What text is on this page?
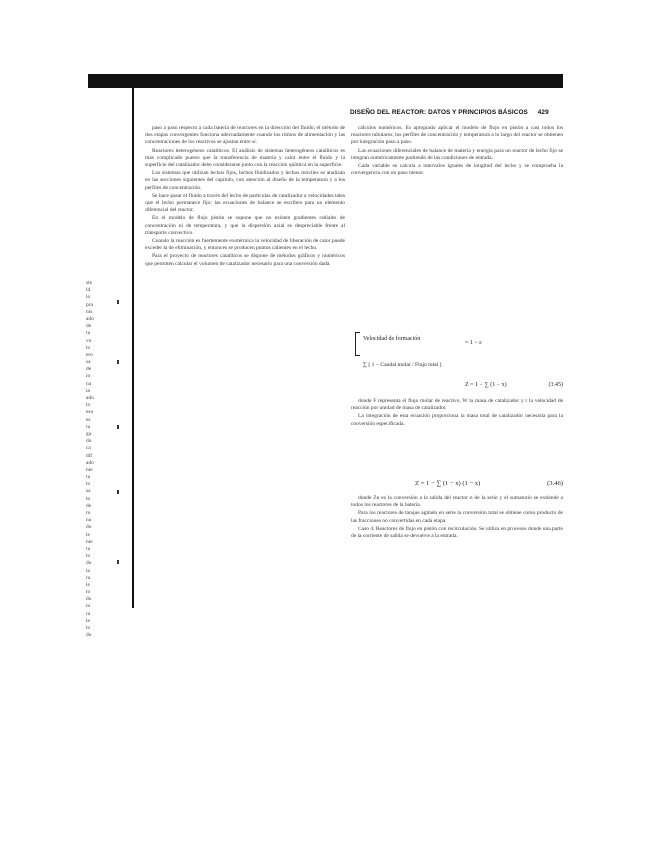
DISEÑO DEL REACTOR: DATOS Y PRINCIPIOS BÁSICOS 429
ste
ld
lo
pra
nis
ado
de
ra
vo
lo
ero
sa
de
io
na
ta
ado
lo
eso
es
ra
ga
do
ca
dif
ado
nte
ra
lo
sa
to
de
ro
na
do
le
nte
ra
lo
do
ta
ra
le
lo
do
ta
ra
le
lo
do

paso a paso respecto a cada batería de reactores en la dirección del fluido; el método de dos etapas convergentes funciona adecuadamente cuando los ritmos de alimentación y las concentraciones de los reactivos se ajustan entre sí.

Reactores heterogéneos catalíticos. El análisis de sistemas heterogéneos catalíticos es más complicado puesto que la transferencia de materia y calor entre el fluido y la superficie del catalizador debe considerarse junto con la reacción química en la superficie.

Los sistemas que utilizan lechos fijos, lechos fluidizados y lechos móviles se analizan en las secciones siguientes del capítulo, con atención al diseño de la temperatura y a los perfiles de concentración.

Se hace pasar el fluido a través del lecho de partículas de catalizador a velocidades tales que el lecho permanece fijo; las ecuaciones de balance se escriben para un elemento diferencial del reactor.

En el modelo de flujo pistón se supone que no existen gradientes radiales de concentración ni de temperatura, y que la dispersión axial es despreciable frente al transporte convectivo.

Cuando la reacción es fuertemente exotérmica la velocidad de liberación de calor puede exceder la de eliminación, y entonces se producen puntos calientes en el lecho.

Para el proyecto de reactores catalíticos se dispone de métodos gráficos y numéricos que permiten calcular el volumen de catalizador necesario para una conversión dada.

cálculos numéricos. Es apropiado aplicar el modelo de flujo en pistón a casi todos los reactores tubulares; los perfiles de concentración y temperatura a lo largo del reactor se obtienen por integración paso a paso.

Las ecuaciones diferenciales de balance de materia y energía para un reactor de lecho fijo se integran numéricamente partiendo de las condiciones de entrada.

Cada variable se calcula a intervalos iguales de longitud del lecho y se comprueba la convergencia con un paso menor.

Velocidad de formación
= 1 − ε
∑ [ 1 − Caudal molar / Flujo total ]
Z = 1 − ∑ (1 − x)	(3.45)

donde F representa el flujo molar de reactivo, W la masa de catalizador y r la velocidad de reacción por unidad de masa de catalizador.

La integración de esta ecuación proporciona la masa total de catalizador necesaria para la conversión especificada.

Z = 1 − ∑ (1 − x) (1 − x)	(3.46)

donde Zn es la conversión a la salida del reactor n de la serie y el sumatorio se extiende a todos los reactores de la batería.

Para los reactores de tanque agitado en serie la conversión total se obtiene como producto de las fracciones no convertidas en cada etapa.

Caso 4. Reactores de flujo en pistón con recirculación. Se utiliza en procesos donde una parte de la corriente de salida se devuelve a la entrada.
